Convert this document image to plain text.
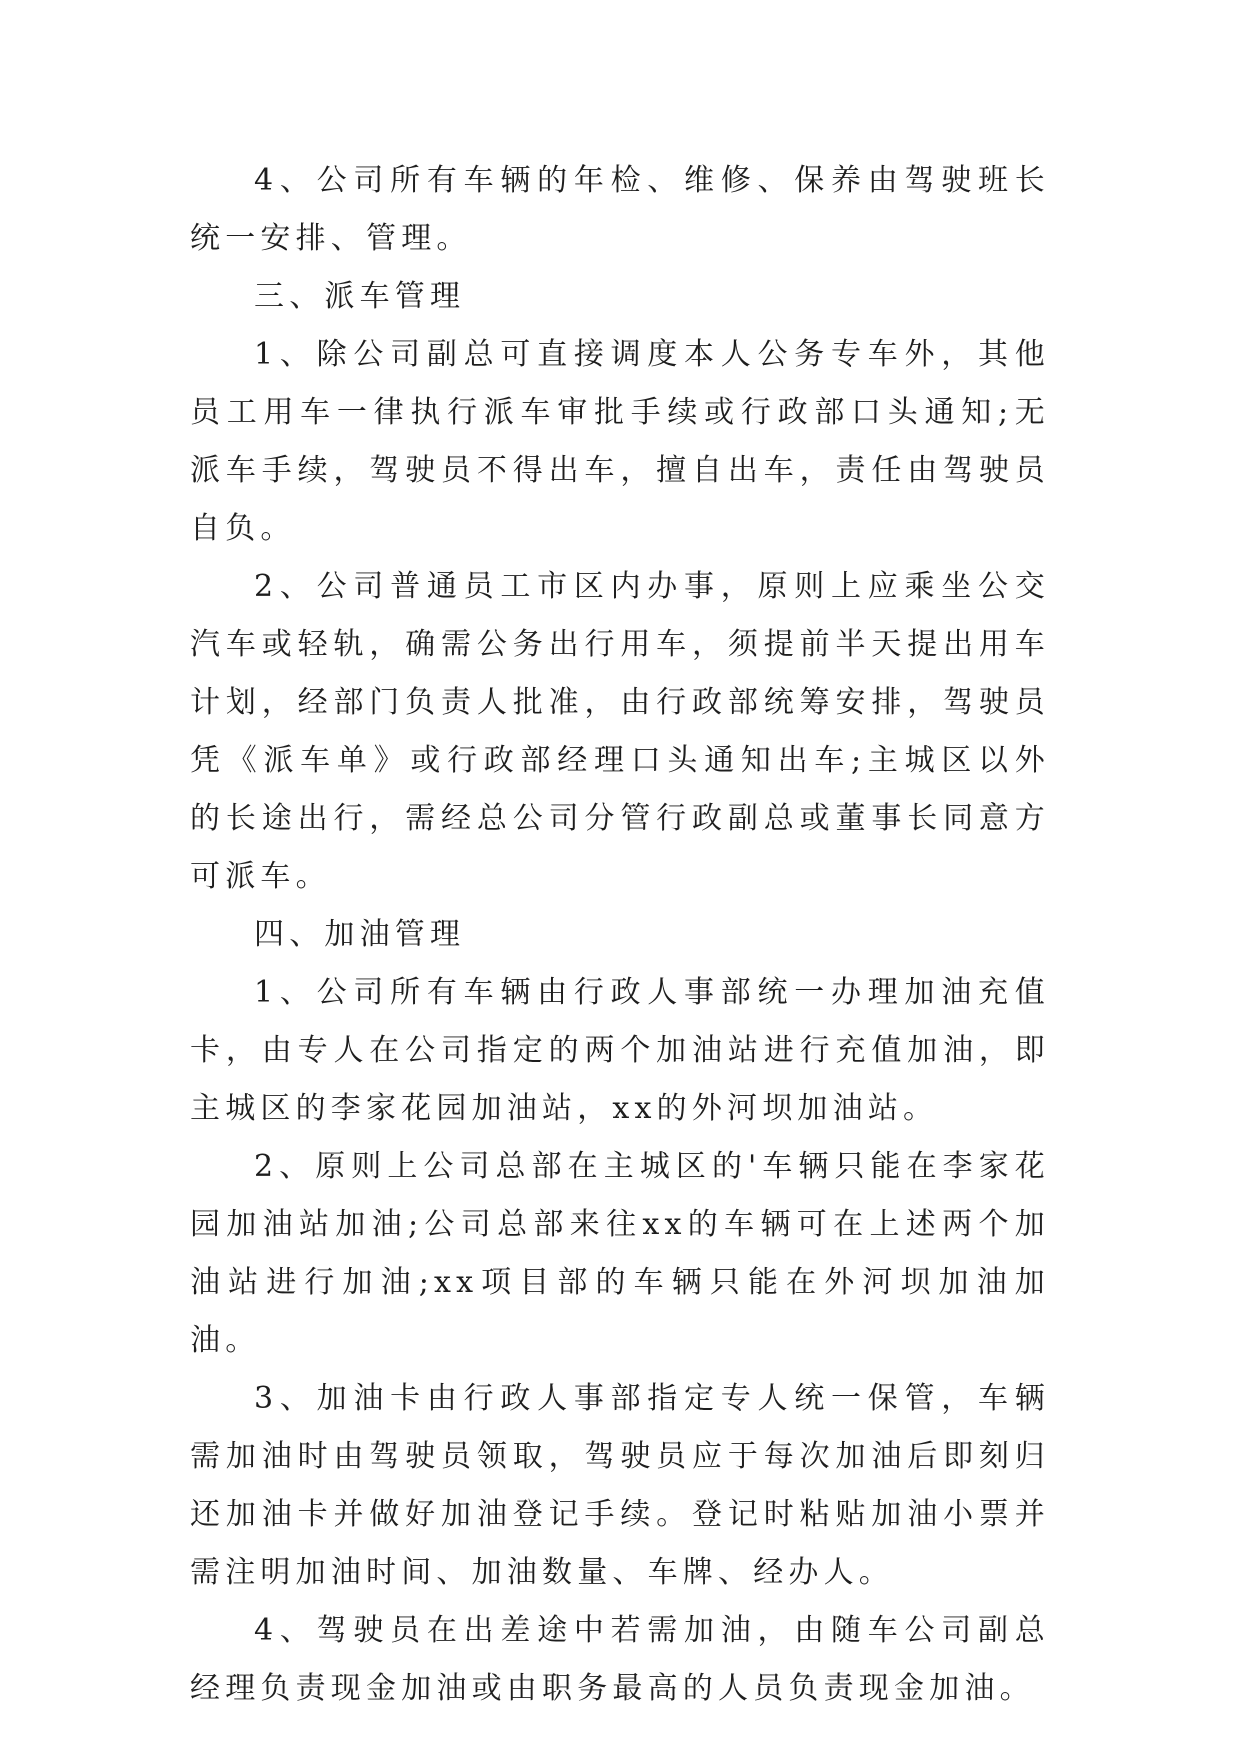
4、公司所有车辆的年检、维修、保养由驾驶班长统一安排、管理。

三、派车管理

1、除公司副总可直接调度本人公务专车外，其他员工用车一律执行派车审批手续或行政部口头通知;无派车手续，驾驶员不得出车，擅自出车，责任由驾驶员自负。

2、公司普通员工市区内办事，原则上应乘坐公交汽车或轻轨，确需公务出行用车，须提前半天提出用车计划，经部门负责人批准，由行政部统筹安排，驾驶员凭《派车单》或行政部经理口头通知出车;主城区以外的长途出行，需经总公司分管行政副总或董事长同意方可派车。

四、加油管理

1、公司所有车辆由行政人事部统一办理加油充值卡，由专人在公司指定的两个加油站进行充值加油，即主城区的李家花园加油站，xx的外河坝加油站。

2、原则上公司总部在主城区的'车辆只能在李家花园加油站加油;公司总部来往xx的车辆可在上述两个加油站进行加油;xx项目部的车辆只能在外河坝加油加油。

3、加油卡由行政人事部指定专人统一保管，车辆需加油时由驾驶员领取，驾驶员应于每次加油后即刻归还加油卡并做好加油登记手续。登记时粘贴加油小票并需注明加油时间、加油数量、车牌、经办人。

4、驾驶员在出差途中若需加油，由随车公司副总经理负责现金加油或由职务最高的人员负责现金加油。
